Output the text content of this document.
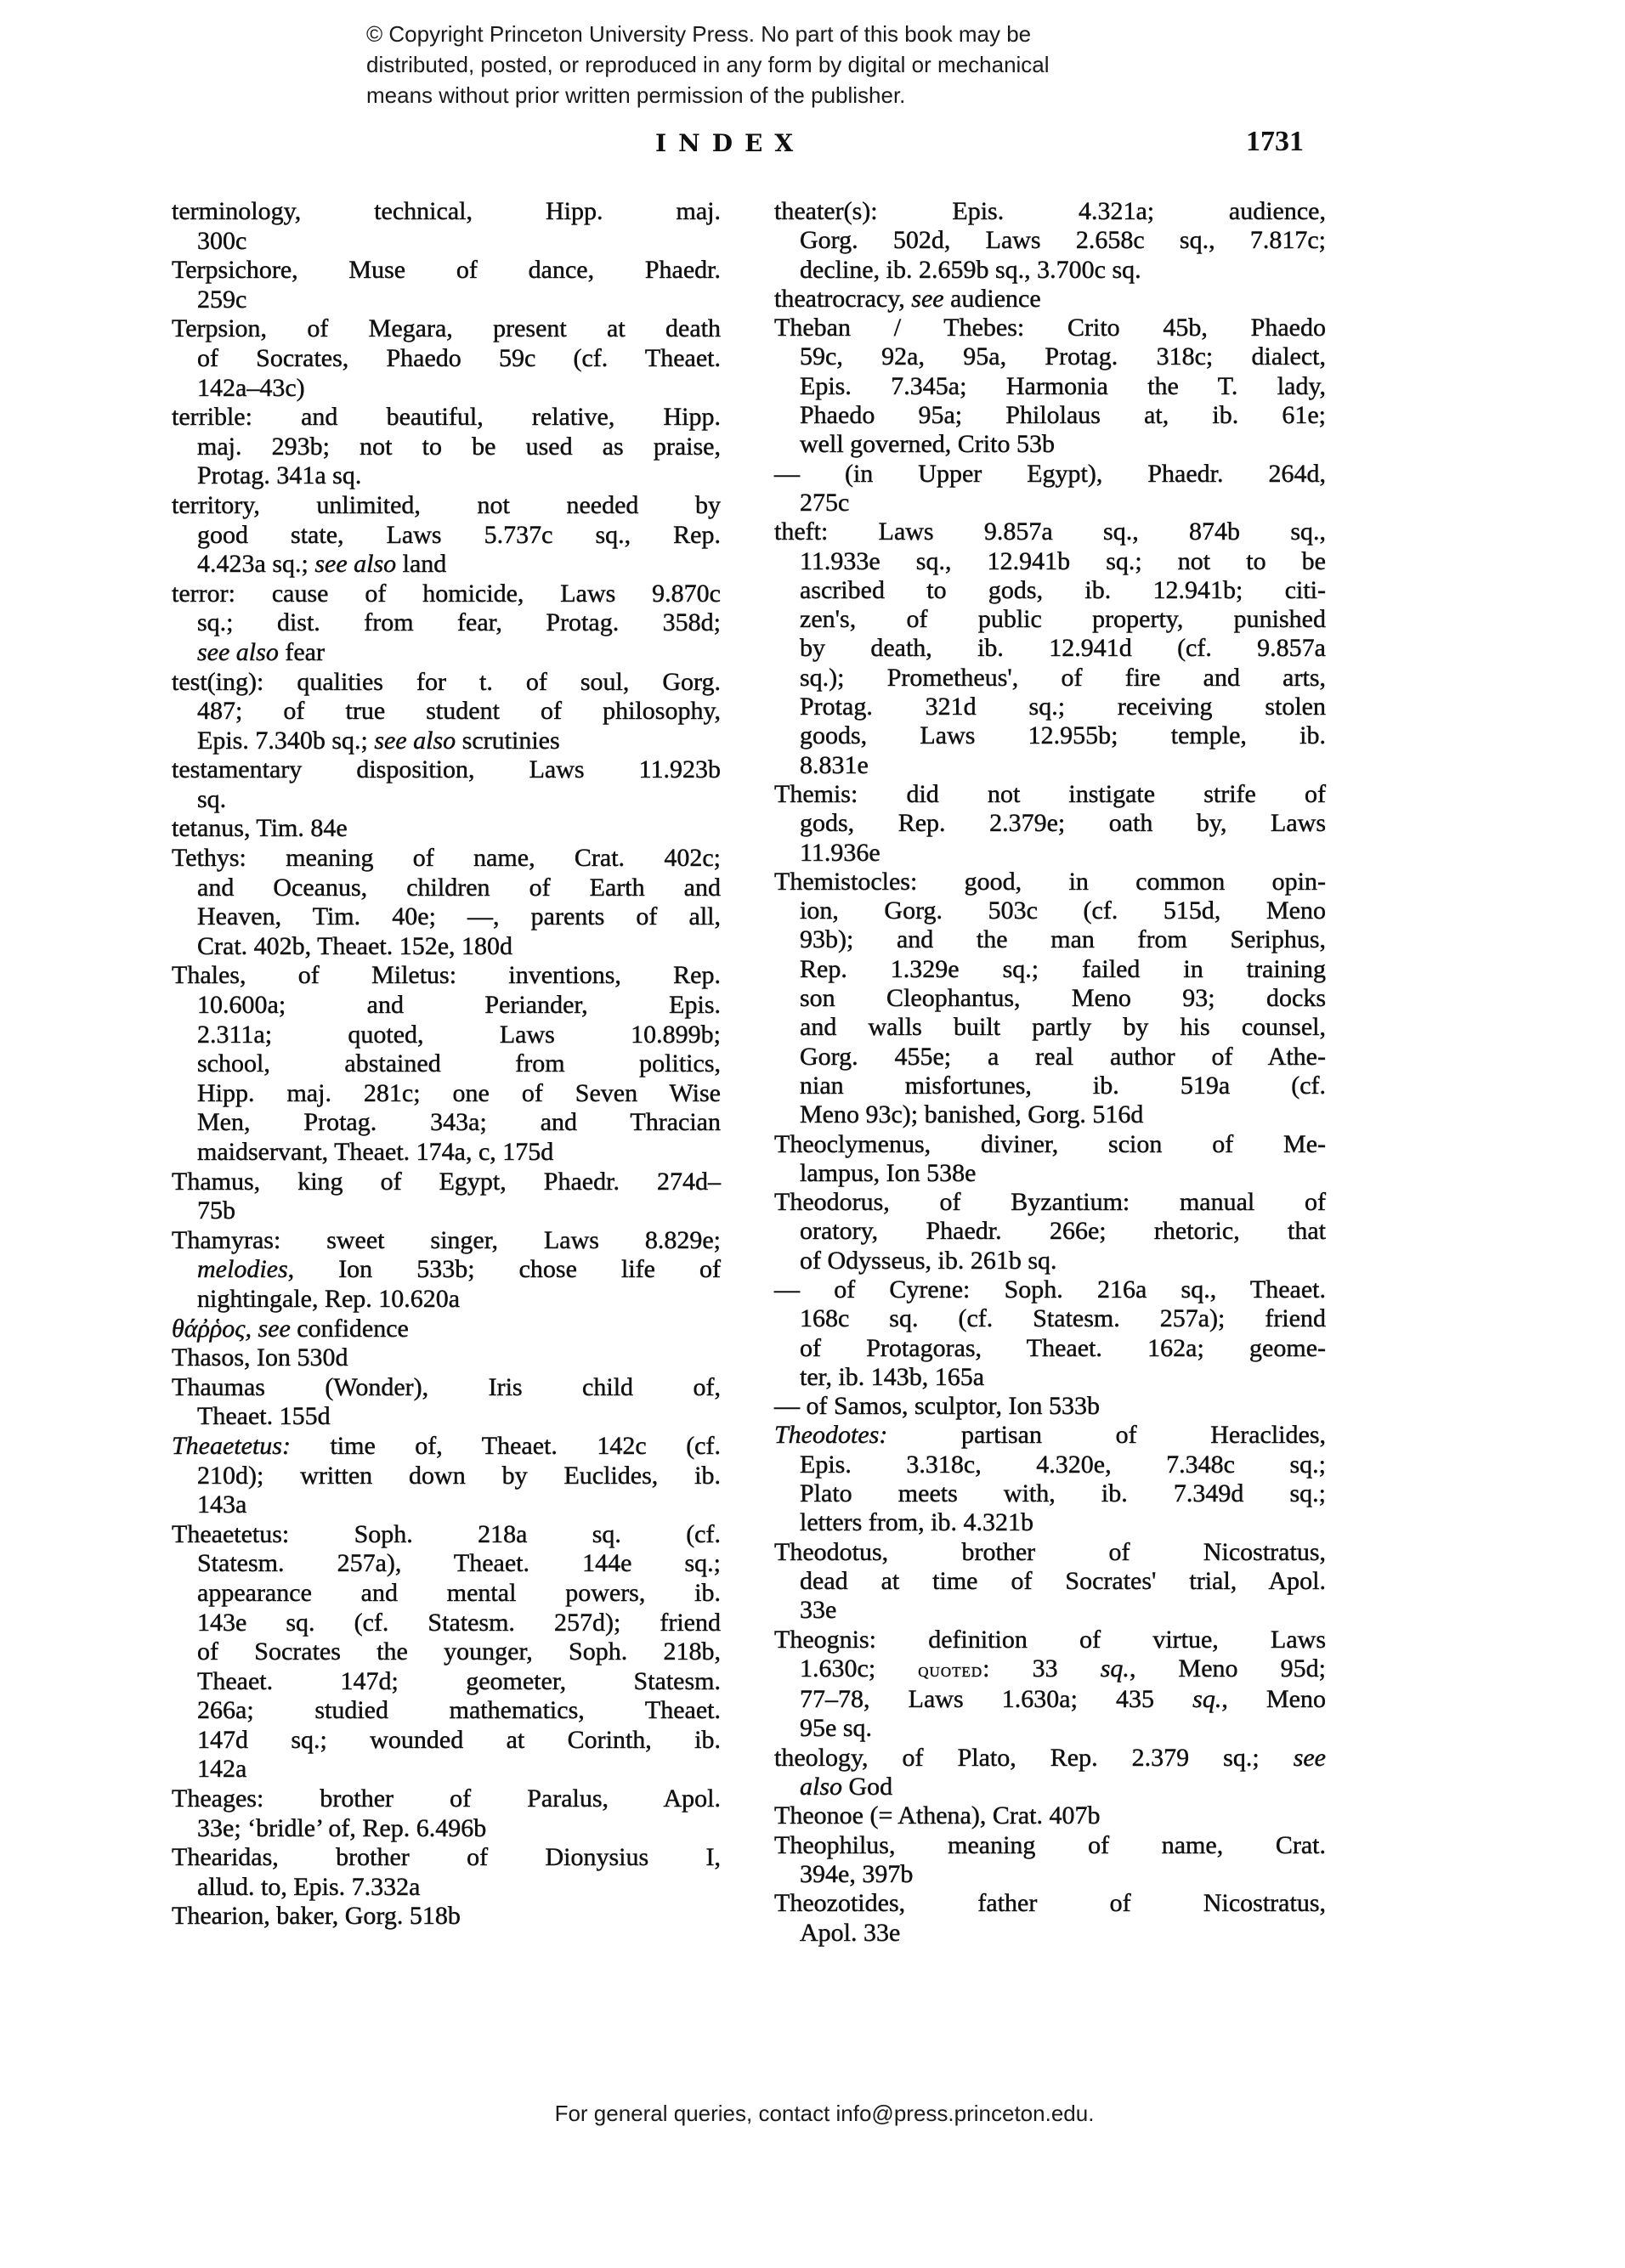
© Copyright Princeton University Press. No part of this book may be
distributed, posted, or reproduced in any form by digital or mechanical
means without prior written permission of the publisher.
INDEX	1731
terminology, technical, Hipp. maj.
300c
Terpsichore, Muse of dance, Phaedr.
259c
Terpsion, of Megara, present at death
of Socrates, Phaedo 59c (cf. Theaet.
142a–43c)
terrible: and beautiful, relative, Hipp.
maj. 293b; not to be used as praise,
Protag. 341a sq.
territory, unlimited, not needed by
good state, Laws 5.737c sq., Rep.
4.423a sq.; see also land
terror: cause of homicide, Laws 9.870c
sq.; dist. from fear, Protag. 358d;
see also fear
test(ing): qualities for t. of soul, Gorg.
487; of true student of philosophy,
Epis. 7.340b sq.; see also scrutinies
testamentary disposition, Laws 11.923b
sq.
tetanus, Tim. 84e
Tethys: meaning of name, Crat. 402c;
and Oceanus, children of Earth and
Heaven, Tim. 40e; —, parents of all,
Crat. 402b, Theaet. 152e, 180d
Thales, of Miletus: inventions, Rep.
10.600a; and Periander, Epis.
2.311a; quoted, Laws 10.899b;
school, abstained from politics,
Hipp. maj. 281c; one of Seven Wise
Men, Protag. 343a; and Thracian
maidservant, Theaet. 174a, c, 175d
Thamus, king of Egypt, Phaedr. 274d–
75b
Thamyras: sweet singer, Laws 8.829e;
melodies, Ion 533b; chose life of
nightingale, Rep. 10.620a
θάῤῥος, see confidence
Thasos, Ion 530d
Thaumas (Wonder), Iris child of,
Theaet. 155d
Theaetetus: time of, Theaet. 142c (cf.
210d); written down by Euclides, ib.
143a
Theaetetus: Soph. 218a sq. (cf.
Statesm. 257a), Theaet. 144e sq.;
appearance and mental powers, ib.
143e sq. (cf. Statesm. 257d); friend
of Socrates the younger, Soph. 218b,
Theaet. 147d; geometer, Statesm.
266a; studied mathematics, Theaet.
147d sq.; wounded at Corinth, ib.
142a
Theages: brother of Paralus, Apol.
33e; ‘bridle’ of, Rep. 6.496b
Thearidas, brother of Dionysius I,
allud. to, Epis. 7.332a
Thearion, baker, Gorg. 518b
theater(s): Epis. 4.321a; audience,
Gorg. 502d, Laws 2.658c sq., 7.817c;
decline, ib. 2.659b sq., 3.700c sq.
theatrocracy, see audience
Theban / Thebes: Crito 45b, Phaedo
59c, 92a, 95a, Protag. 318c; dialect,
Epis. 7.345a; Harmonia the T. lady,
Phaedo 95a; Philolaus at, ib. 61e;
well governed, Crito 53b
— (in Upper Egypt), Phaedr. 264d,
275c
theft: Laws 9.857a sq., 874b sq.,
11.933e sq., 12.941b sq.; not to be
ascribed to gods, ib. 12.941b; citi-
zen's, of public property, punished
by death, ib. 12.941d (cf. 9.857a
sq.); Prometheus', of fire and arts,
Protag. 321d sq.; receiving stolen
goods, Laws 12.955b; temple, ib.
8.831e
Themis: did not instigate strife of
gods, Rep. 2.379e; oath by, Laws
11.936e
Themistocles: good, in common opin-
ion, Gorg. 503c (cf. 515d, Meno
93b); and the man from Seriphus,
Rep. 1.329e sq.; failed in training
son Cleophantus, Meno 93; docks
and walls built partly by his counsel,
Gorg. 455e; a real author of Athe-
nian misfortunes, ib. 519a (cf.
Meno 93c); banished, Gorg. 516d
Theoclymenus, diviner, scion of Me-
lampus, Ion 538e
Theodorus, of Byzantium: manual of
oratory, Phaedr. 266e; rhetoric, that
of Odysseus, ib. 261b sq.
— of Cyrene: Soph. 216a sq., Theaet.
168c sq. (cf. Statesm. 257a); friend
of Protagoras, Theaet. 162a; geome-
ter, ib. 143b, 165a
— of Samos, sculptor, Ion 533b
Theodotes: partisan of Heraclides,
Epis. 3.318c, 4.320e, 7.348c sq.;
Plato meets with, ib. 7.349d sq.;
letters from, ib. 4.321b
Theodotus, brother of Nicostratus,
dead at time of Socrates' trial, Apol.
33e
Theognis: definition of virtue, Laws
1.630c; quoted: 33 sq., Meno 95d;
77–78, Laws 1.630a; 435 sq., Meno
95e sq.
theology, of Plato, Rep. 2.379 sq.; see
also God
Theonoe (= Athena), Crat. 407b
Theophilus, meaning of name, Crat.
394e, 397b
Theozotides, father of Nicostratus,
Apol. 33e
For general queries, contact info@press.princeton.edu.
